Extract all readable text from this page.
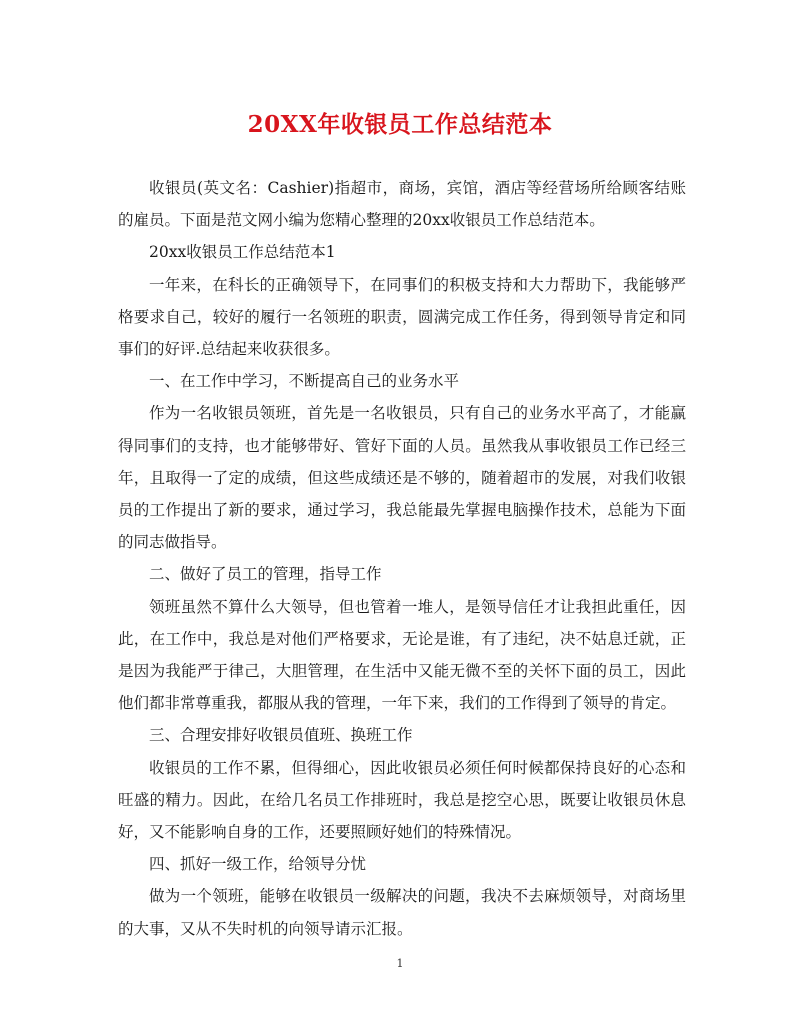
20XX年收银员工作总结范本

收银员(英文名：Cashier)指超市，商场，宾馆，酒店等经营场所给顾客结账的雇员。下面是范文网小编为您精心整理的20xx收银员工作总结范本。

20xx收银员工作总结范本1

一年来，在科长的正确领导下，在同事们的积极支持和大力帮助下，我能够严格要求自己，较好的履行一名领班的职责，圆满完成工作任务，得到领导肯定和同事们的好评.总结起来收获很多。

一、在工作中学习，不断提高自己的业务水平

作为一名收银员领班，首先是一名收银员，只有自己的业务水平高了，才能赢得同事们的支持，也才能够带好、管好下面的人员。虽然我从事收银员工作已经三年，且取得一了定的成绩，但这些成绩还是不够的，随着超市的发展，对我们收银员的工作提出了新的要求，通过学习，我总能最先掌握电脑操作技术，总能为下面的同志做指导。

二、做好了员工的管理，指导工作

领班虽然不算什么大领导，但也管着一堆人，是领导信任才让我担此重任，因此，在工作中，我总是对他们严格要求，无论是谁，有了违纪，决不姑息迁就，正是因为我能严于律己，大胆管理，在生活中又能无微不至的关怀下面的员工，因此他们都非常尊重我，都服从我的管理，一年下来，我们的工作得到了领导的肯定。

三、合理安排好收银员值班、换班工作

收银员的工作不累，但得细心，因此收银员必须任何时候都保持良好的心态和旺盛的精力。因此，在给几名员工作排班时，我总是挖空心思，既要让收银员休息好，又不能影响自身的工作，还要照顾好她们的特殊情况。

四、抓好一级工作，给领导分忧

做为一个领班，能够在收银员一级解决的问题，我决不去麻烦领导，对商场里的大事，又从不失时机的向领导请示汇报。

1
